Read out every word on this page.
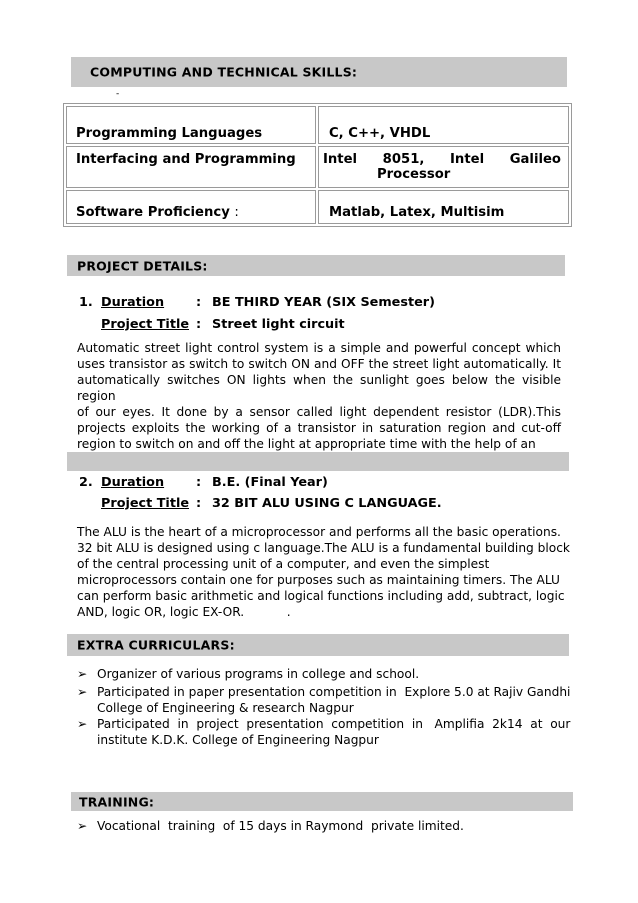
COMPUTING AND TECHNICAL SKILLS:
-
Programming Languages	C, C++, VHDL
Interfacing and Programming	Intel 8051, Intel Galileo
Processor

Software Proficiency :	Matlab, Latex, Multisim
PROJECT DETAILS:
1. Duration : BE THIRD YEAR (SIX Semester)
Project Title : Street light circuit
Automatic street light control system is a simple and powerful concept which
uses transistor as switch to switch ON and OFF the street light automatically. It
automatically switches ON lights when the sunlight goes below the visible region
of our eyes. It done by a sensor called light dependent resistor (LDR).This
projects exploits the working of a transistor in saturation region and cut-off
region to switch on and off the light at appropriate time with the help of an
2. Duration : B.E. (Final Year)
Project Title : 32 BIT ALU USING C LANGUAGE.
The ALU is the heart of a microprocessor and performs all the basic operations.
32 bit ALU is designed using c language.The ALU is a fundamental building block
of the central processing unit of a computer, and even the simplest
microprocessors contain one for purposes such as maintaining timers. The ALU
can perform basic arithmetic and logical functions including add, subtract, logic
AND, logic OR, logic EX-OR.           .
EXTRA CURRICULARS:
➢ Organizer of various programs in college and school.
➢ Participated in paper presentation competition in  Explore 5.0 at Rajiv Gandhi
College of Engineering & research Nagpur
➢ Participated  in  project  presentation  competition  in   Amplifia  2k14  at  our
institute K.D.K. College of Engineering Nagpur
TRAINING:
➢ Vocational  training  of 15 days in Raymond  private limited.
